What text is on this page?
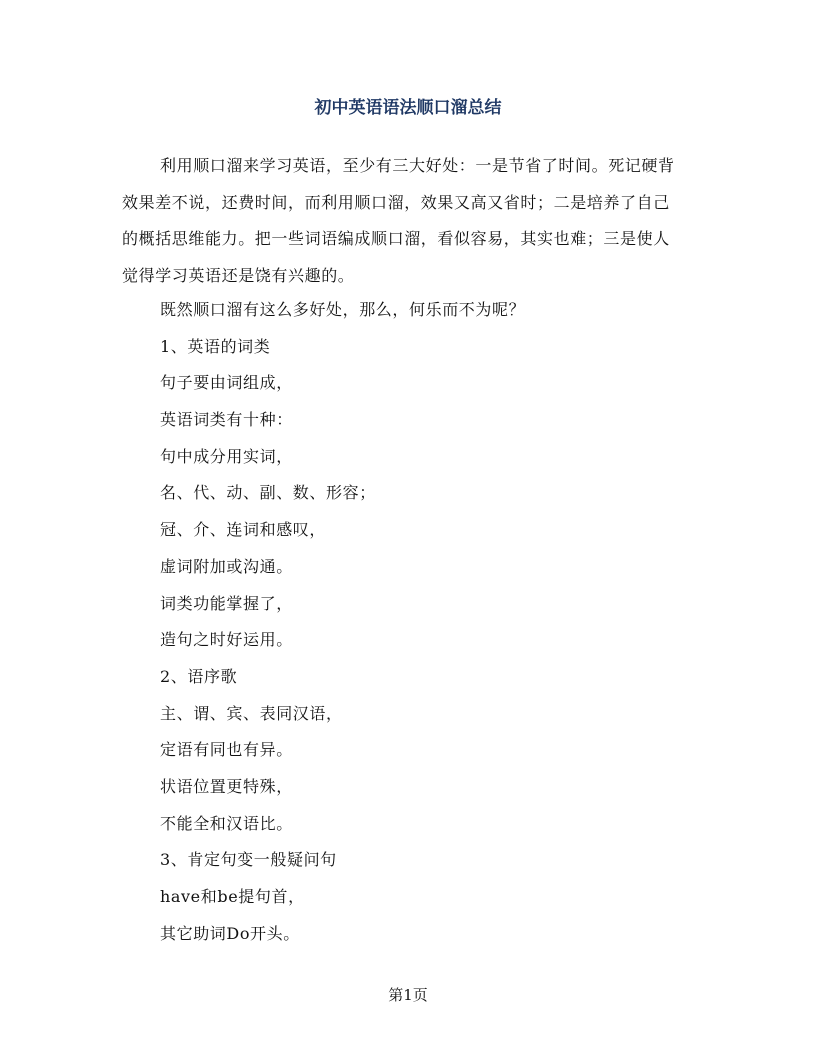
初中英语语法顺口溜总结
利用顺口溜来学习英语，至少有三大好处：一是节省了时间。死记硬背效果差不说，还费时间，而利用顺口溜，效果又高又省时；二是培养了自己的概括思维能力。把一些词语编成顺口溜，看似容易，其实也难；三是使人觉得学习英语还是饶有兴趣的。
既然顺口溜有这么多好处，那么，何乐而不为呢？
1、英语的词类
句子要由词组成，
英语词类有十种：
句中成分用实词，
名、代、动、副、数、形容；
冠、介、连词和感叹，
虚词附加或沟通。
词类功能掌握了，
造句之时好运用。
2、语序歌
主、谓、宾、表同汉语，
定语有同也有异。
状语位置更特殊，
不能全和汉语比。
3、肯定句变一般疑问句
have和be提句首，
其它助词Do开头。
第1页
